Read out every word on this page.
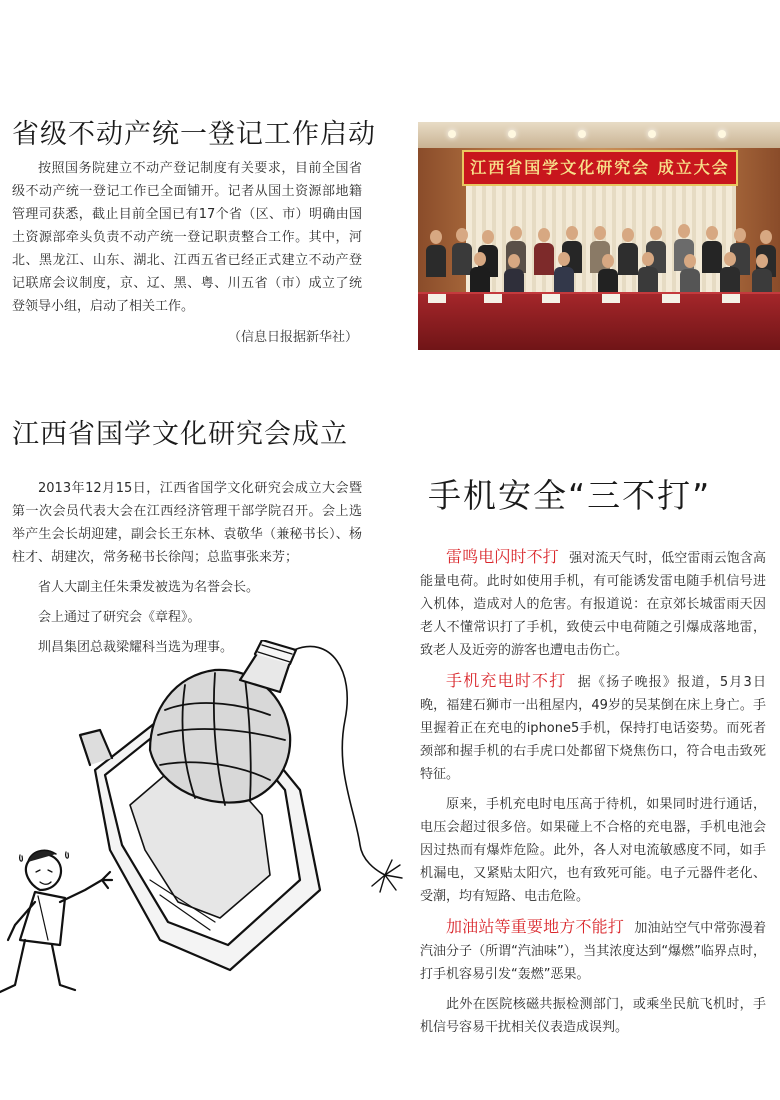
省级不动产统一登记工作启动

按照国务院建立不动产登记制度有关要求，目前全国省级不动产统一登记工作已全面铺开。记者从国土资源部地籍管理司获悉，截止目前全国已有17个省（区、市）明确由国土资源部牵头负责不动产统一登记职责整合工作。其中，河北、黑龙江、山东、湖北、江西五省已经正式建立不动产登记联席会议制度，京、辽、黑、粤、川五省（市）成立了统登领导小组，启动了相关工作。

（信息日报据新华社）

江西省国学文化研究会 成立大会
江西省国学文化研究会成立

2013年12月15日，江西省国学文化研究会成立大会暨第一次会员代表大会在江西经济管理干部学院召开。会上选举产生会长胡迎建，副会长王东林、袁敬华（兼秘书长）、杨柱才、胡建次，常务秘书长徐闯；总监事张来芳；

省人大副主任朱秉发被选为名誉会长。

会上通过了研究会《章程》。

圳昌集团总裁梁耀科当选为理事。

手机安全“三不打”

雷鸣电闪时不打 强对流天气时，低空雷雨云饱含高能量电荷。此时如使用手机，有可能诱发雷电随手机信号进入机体，造成对人的危害。有报道说：在京郊长城雷雨天因老人不懂常识打了手机，致使云中电荷随之引爆成落地雷，致老人及近旁的游客也遭电击伤亡。

手机充电时不打 据《扬子晚报》报道，5月3日晚，福建石狮市一出租屋内，49岁的吴某倒在床上身亡。手里握着正在充电的iphone5手机，保持打电话姿势。而死者颈部和握手机的右手虎口处都留下烧焦伤口，符合电击致死特征。

原来，手机充电时电压高于待机，如果同时进行通话，电压会超过很多倍。如果碰上不合格的充电器，手机电池会因过热而有爆炸危险。此外，各人对电流敏感度不同，如手机漏电，又紧贴太阳穴，也有致死可能。电子元器件老化、受潮，均有短路、电击危险。

加油站等重要地方不能打 加油站空气中常弥漫着汽油分子（所谓“汽油味”），当其浓度达到“爆燃”临界点时，打手机容易引发“轰燃”恶果。

此外在医院核磁共振检测部门，或乘坐民航飞机时，手机信号容易干扰相关仪表造成误判。
